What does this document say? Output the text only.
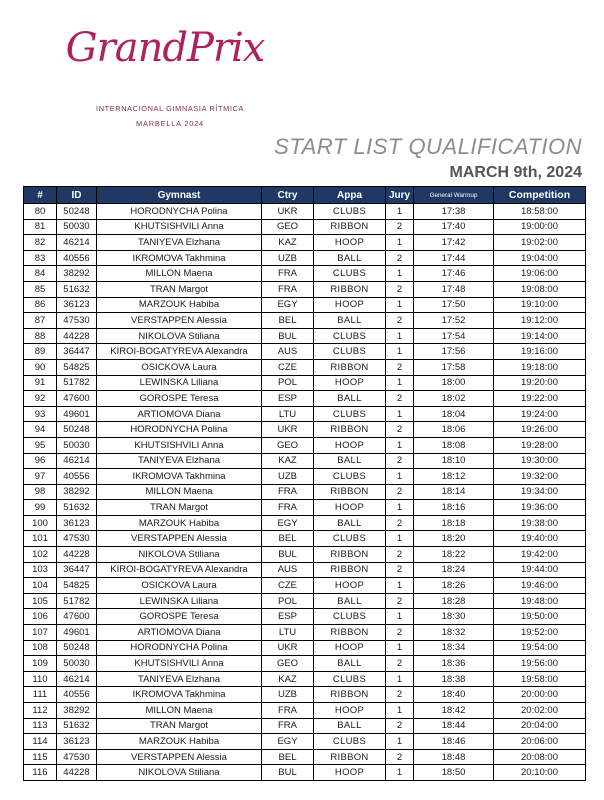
GrandPrix
INTERNACIONAL GIMNASIA RÍTMICA
MARBELLA 2024
START LIST QUALIFICATION
MARCH 9th, 2024
#	ID	Gymnast	Ctry	Appa	Jury	General Warmup	Competition
80	50248	HORODNYCHA Polina	UKR	CLUBS	1	17:38	18:58:00
81	50030	KHUTSISHVILI Anna	GEO	RIBBON	2	17:40	19:00:00
82	46214	TANIYEVA Elzhana	KAZ	HOOP	1	17:42	19:02:00
83	40556	IKROMOVA Takhmina	UZB	BALL	2	17:44	19:04:00
84	38292	MILLON Maena	FRA	CLUBS	1	17:46	19:06:00
85	51632	TRAN Margot	FRA	RIBBON	2	17:48	19:08:00
86	36123	MARZOUK Habiba	EGY	HOOP	1	17:50	19:10:00
87	47530	VERSTAPPEN Alessia	BEL	BALL	2	17:52	19:12:00
88	44228	NIKOLOVA Stiliana	BUL	CLUBS	1	17:54	19:14:00
89	36447	KIROI-BOGATYREVA Alexandra	AUS	CLUBS	1	17:56	19:16:00
90	54825	OSICKOVA Laura	CZE	RIBBON	2	17:58	19:18:00
91	51782	LEWINSKA Liliana	POL	HOOP	1	18:00	19:20:00
92	47600	GOROSPE Teresa	ESP	BALL	2	18:02	19:22:00
93	49601	ARTIOMOVA Diana	LTU	CLUBS	1	18:04	19:24:00
94	50248	HORODNYCHA Polina	UKR	RIBBON	2	18:06	19:26:00
95	50030	KHUTSISHVILI Anna	GEO	HOOP	1	18:08	19:28:00
96	46214	TANIYEVA Elzhana	KAZ	BALL	2	18:10	19:30:00
97	40556	IKROMOVA Takhmina	UZB	CLUBS	1	18:12	19:32:00
98	38292	MILLON Maena	FRA	RIBBON	2	18:14	19:34:00
99	51632	TRAN Margot	FRA	HOOP	1	18:16	19:36:00
100	36123	MARZOUK Habiba	EGY	BALL	2	18:18	19:38:00
101	47530	VERSTAPPEN Alessia	BEL	CLUBS	1	18:20	19:40:00
102	44228	NIKOLOVA Stiliana	BUL	RIBBON	2	18:22	19:42:00
103	36447	KIROI-BOGATYREVA Alexandra	AUS	RIBBON	2	18:24	19:44:00
104	54825	OSICKOVA Laura	CZE	HOOP	1	18:26	19:46:00
105	51782	LEWINSKA Liliana	POL	BALL	2	18:28	19:48:00
106	47600	GOROSPE Teresa	ESP	CLUBS	1	18:30	19:50:00
107	49601	ARTIOMOVA Diana	LTU	RIBBON	2	18:32	19:52:00
108	50248	HORODNYCHA Polina	UKR	HOOP	1	18:34	19:54:00
109	50030	KHUTSISHVILI Anna	GEO	BALL	2	18:36	19:56:00
110	46214	TANIYEVA Elzhana	KAZ	CLUBS	1	18:38	19:58:00
111	40556	IKROMOVA Takhmina	UZB	RIBBON	2	18:40	20:00:00
112	38292	MILLON Maena	FRA	HOOP	1	18:42	20:02:00
113	51632	TRAN Margot	FRA	BALL	2	18:44	20:04:00
114	36123	MARZOUK Habiba	EGY	CLUBS	1	18:46	20:06:00
115	47530	VERSTAPPEN Alessia	BEL	RIBBON	2	18:48	20:08:00
116	44228	NIKOLOVA Stiliana	BUL	HOOP	1	18:50	20:10:00
